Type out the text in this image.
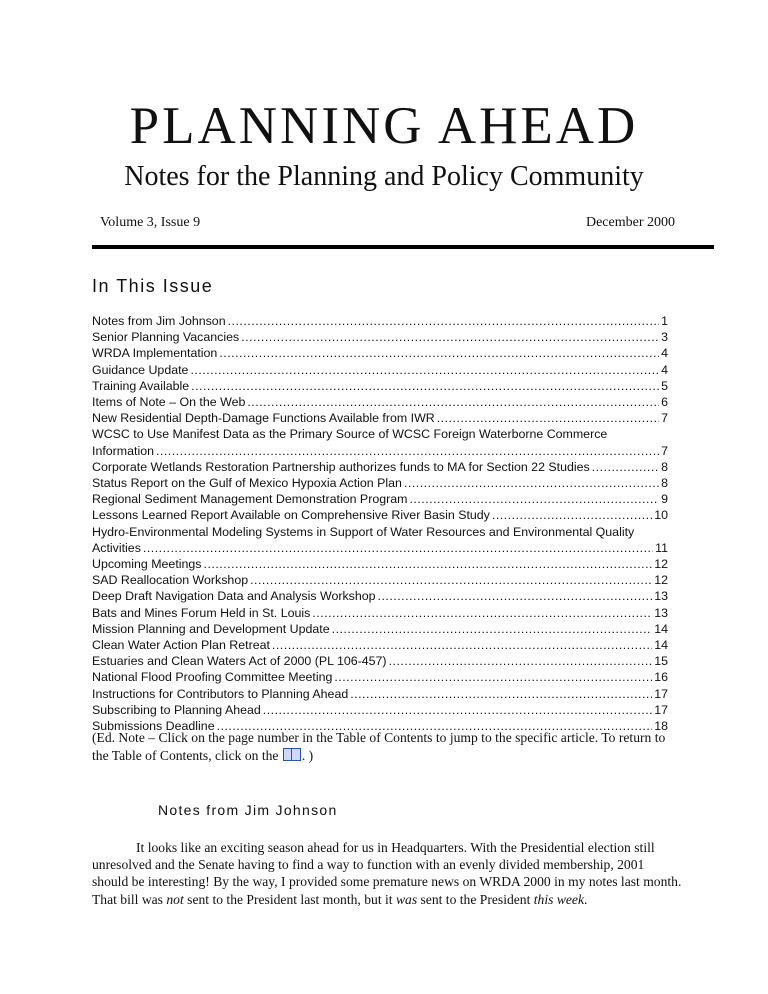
PLANNING AHEAD
Notes for the Planning and Policy Community
Volume 3, Issue 9	December 2000
In This Issue
Notes from Jim Johnson .....	1
Senior Planning Vacancies .....	3
WRDA Implementation .....	4
Guidance Update .....	4
Training Available .....	5
Items of Note – On the Web .....	6
New Residential Depth-Damage Functions Available from IWR .....	7
WCSC to Use Manifest Data as the Primary Source of WCSC Foreign Waterborne Commerce
Information .....	7
Corporate Wetlands Restoration Partnership authorizes funds to MA for Section 22 Studies .....	8
Status Report on the Gulf of Mexico Hypoxia Action Plan .....	8
Regional Sediment Management Demonstration Program .....	9
Lessons Learned Report Available on Comprehensive River Basin Study .....	10
Hydro-Environmental Modeling Systems in Support of Water Resources and Environmental Quality
Activities .....	11
Upcoming Meetings .....	12
SAD Reallocation Workshop .....	12
Deep Draft Navigation Data and Analysis Workshop .....	13
Bats and Mines Forum Held in St. Louis .....	13
Mission Planning and Development Update .....	14
Clean Water Action Plan Retreat .....	14
Estuaries and Clean Waters Act of 2000 (PL 106-457) .....	15
National Flood Proofing Committee Meeting .....	16
Instructions for Contributors to Planning Ahead .....	17
Subscribing to Planning Ahead .....	17
Submissions Deadline .....	18
(Ed. Note – Click on the page number in the Table of Contents to jump to the specific article. To return to the Table of Contents, click on the . )
Notes from Jim Johnson
It looks like an exciting season ahead for us in Headquarters. With the Presidential election still unresolved and the Senate having to find a way to function with an evenly divided membership, 2001 should be interesting! By the way, I provided some premature news on WRDA 2000 in my notes last month. That bill was not sent to the President last month, but it was sent to the President this week.
